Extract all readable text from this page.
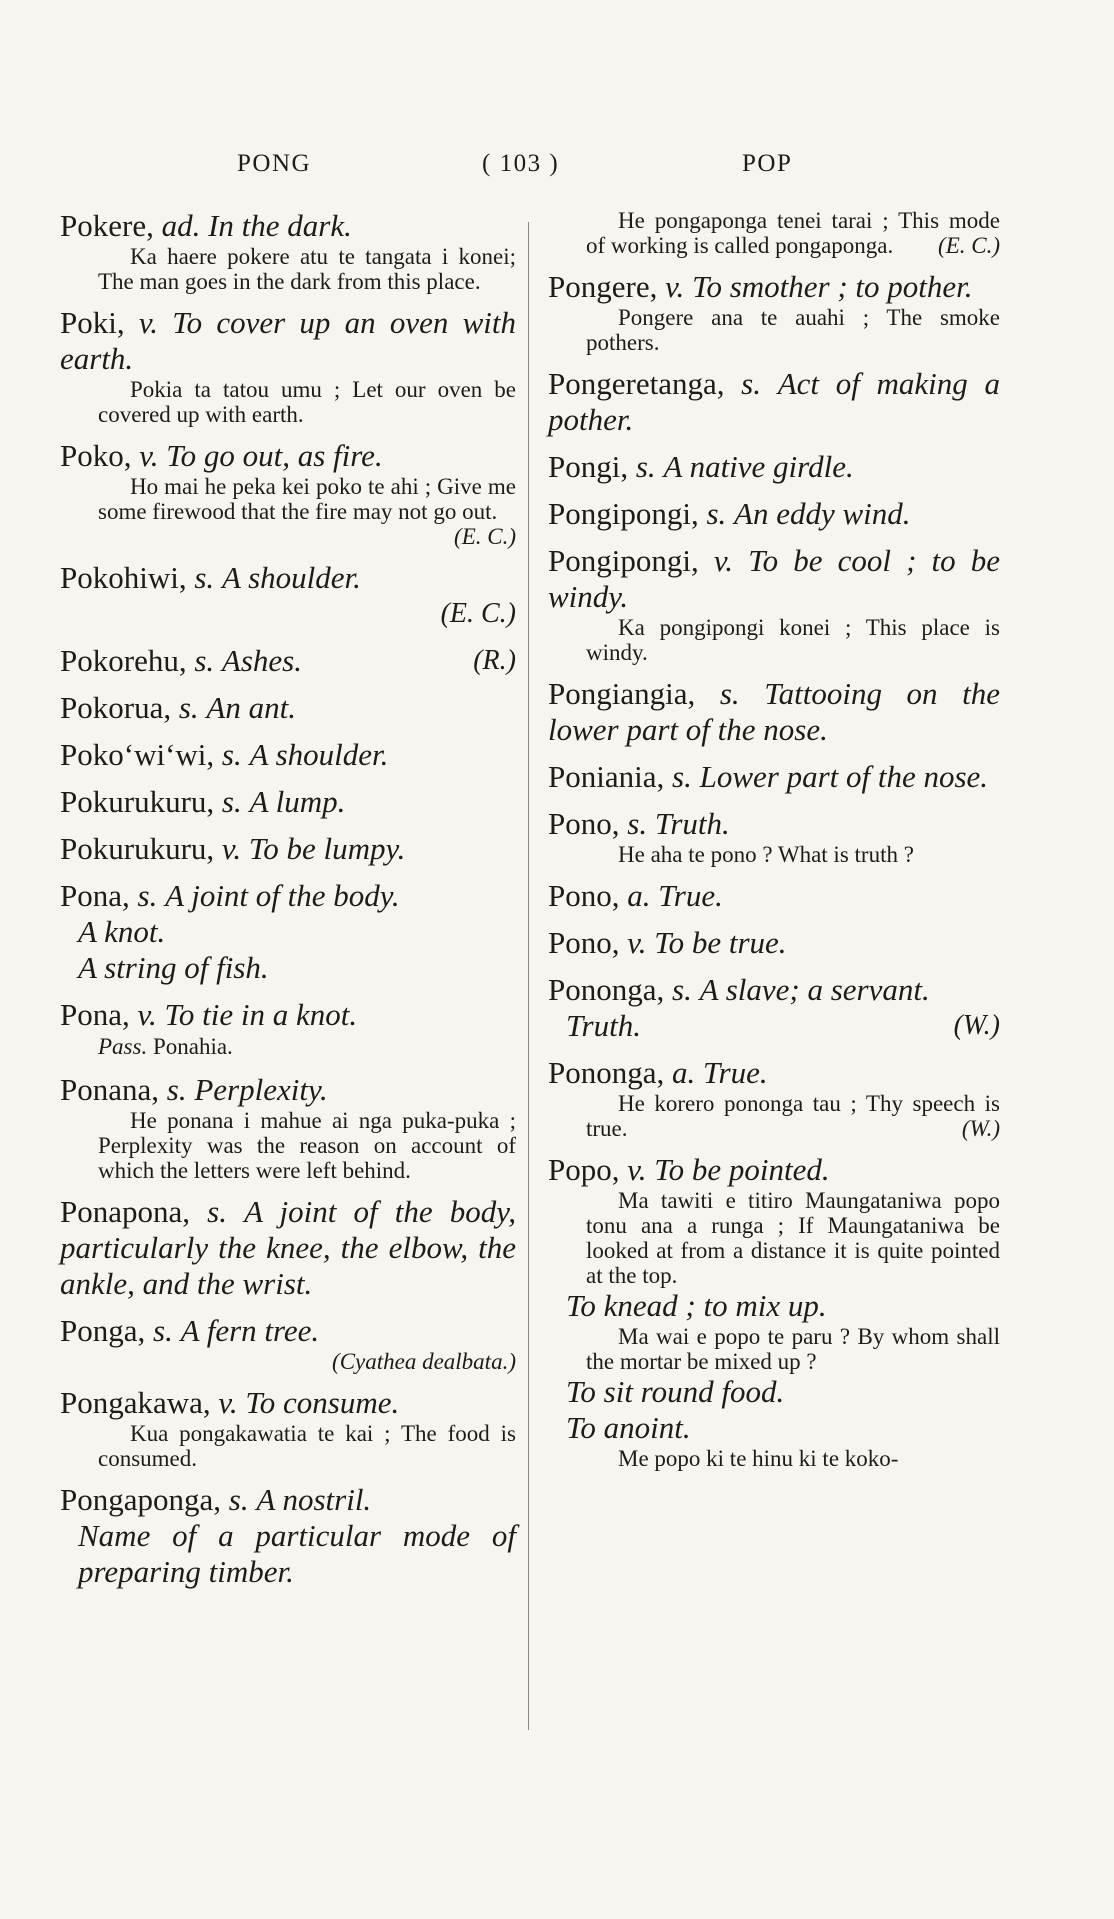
PONG	( 103 )	POP
Pokere, ad. In the dark.
Ka haere pokere atu te tangata i konei; The man goes in the dark from this place.
Poki, v. To cover up an oven with earth.
Pokia ta tatou umu ; Let our oven be covered up with earth.
Poko, v. To go out, as fire.
Ho mai he peka kei poko te ahi ; Give me some firewood that the fire may not go out.
(E. C.)
Pokohiwi, s. A shoulder.
(E. C.)
Pokorehu, s. Ashes.	(R.)
Pokorua, s. An ant.
Poko‘wi‘wi, s. A shoulder.
Pokurukuru, s. A lump.
Pokurukuru, v. To be lumpy.
Pona, s. A joint of the body.
A knot.
A string of fish.
Pona, v. To tie in a knot.
Pass. Ponahia.
Ponana, s. Perplexity.
He ponana i mahue ai nga puka-puka ; Perplexity was the reason on account of which the letters were left behind.
Ponapona, s. A joint of the body, particularly the knee, the elbow, the ankle, and the wrist.
Ponga, s. A fern tree.
(Cyathea dealbata.)
Pongakawa, v. To consume.
Kua pongakawatia te kai ; The food is consumed.
Pongaponga, s. A nostril.
Name of a particular mode of preparing timber.
He pongaponga tenei tarai ; This mode of working is called pongaponga.	(E. C.)
Pongere, v. To smother ; to pother.
Pongere ana te auahi ; The smoke pothers.
Pongeretanga, s. Act of making a pother.
Pongi, s. A native girdle.
Pongipongi, s. An eddy wind.
Pongipongi, v. To be cool ; to be windy.
Ka pongipongi konei ; This place is windy.
Pongiangia, s. Tattooing on the lower part of the nose.
Poniania, s. Lower part of the nose.
Pono, s. Truth.
He aha te pono ? What is truth ?
Pono, a. True.
Pono, v. To be true.
Pononga, s. A slave; a servant.
Truth.	(W.)
Pononga, a. True.
He korero pononga tau ; Thy speech is true.	(W.)
Popo, v. To be pointed.
Ma tawiti e titiro Maungataniwa popo tonu ana a runga ; If Maungataniwa be looked at from a distance it is quite pointed at the top.
To knead ; to mix up.
Ma wai e popo te paru ? By whom shall the mortar be mixed up ?
To sit round food.
To anoint.
Me popo ki te hinu ki te koko-
